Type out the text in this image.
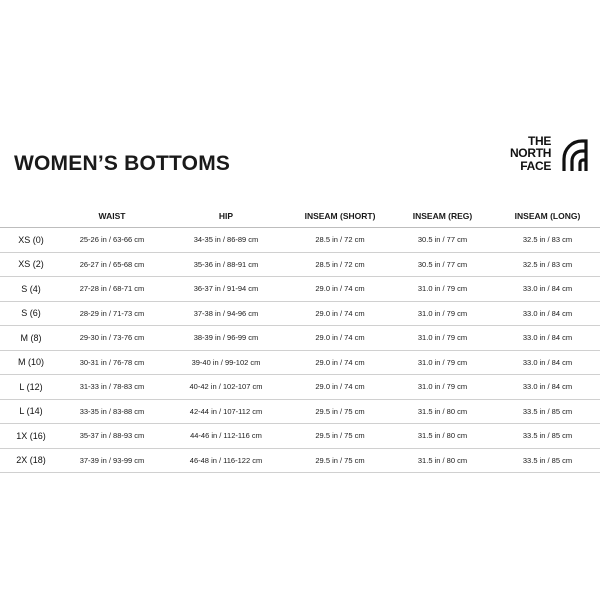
WOMEN’S BOTTOMS
THE
NORTH
FACE
	WAIST	HIP	INSEAM (SHORT)	INSEAM (REG)	INSEAM (LONG)
XS (0)	25-26 in / 63-66 cm	34-35 in / 86-89 cm	28.5 in / 72 cm	30.5 in / 77 cm	32.5 in / 83 cm
XS (2)	26-27 in / 65-68 cm	35-36 in / 88-91 cm	28.5 in / 72 cm	30.5 in / 77 cm	32.5 in / 83 cm
S (4)	27-28 in / 68-71 cm	36-37 in / 91-94 cm	29.0 in / 74 cm	31.0 in / 79 cm	33.0 in / 84 cm
S (6)	28-29 in / 71-73 cm	37-38 in / 94-96 cm	29.0 in / 74 cm	31.0 in / 79 cm	33.0 in / 84 cm
M (8)	29-30 in / 73-76 cm	38-39 in / 96-99 cm	29.0 in / 74 cm	31.0 in / 79 cm	33.0 in / 84 cm
M (10)	30-31 in / 76-78 cm	39-40 in / 99-102 cm	29.0 in / 74 cm	31.0 in / 79 cm	33.0 in / 84 cm
L (12)	31-33 in / 78-83 cm	40-42 in / 102-107 cm	29.0 in / 74 cm	31.0 in / 79 cm	33.0 in / 84 cm
L (14)	33-35 in / 83-88 cm	42-44 in / 107-112 cm	29.5 in / 75 cm	31.5 in / 80 cm	33.5 in / 85 cm
1X (16)	35-37 in / 88-93 cm	44-46 in / 112-116 cm	29.5 in / 75 cm	31.5 in / 80 cm	33.5 in / 85 cm
2X (18)	37-39 in / 93-99 cm	46-48 in / 116-122 cm	29.5 in / 75 cm	31.5 in / 80 cm	33.5 in / 85 cm
